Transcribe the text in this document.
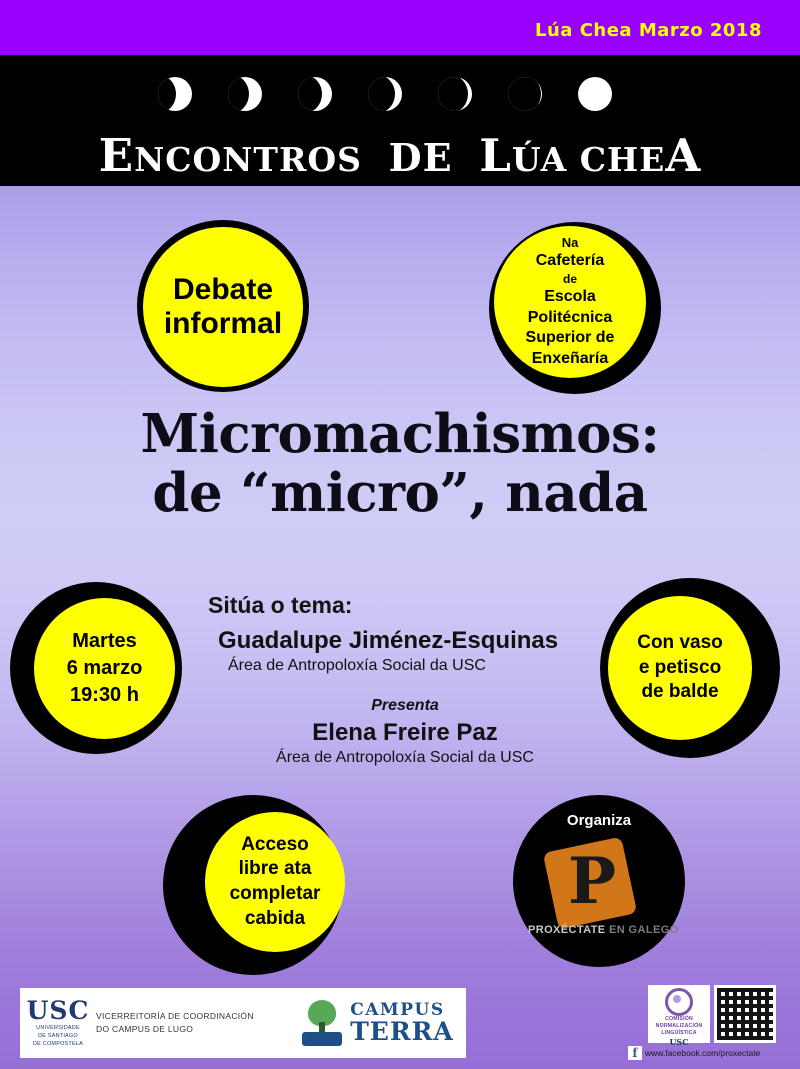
Lúa Chea Marzo 2018
ENCONTROS DE LÚA CHEA
Debate
informal
Na
Cafetería
de
Escola
Politécnica
Superior de
Enxeñaría
Micromachismos:
de “micro”, nada
Martes
6 marzo
19:30 h
Con vaso
e petisco
de balde
Sitúa o tema:
Guadalupe Jiménez-Esquinas
Área de Antropoloxía Social da USC
Presenta
Elena Freire Paz
Área de Antropoloxía Social da USC
Acceso
libre ata
completar
cabida
Organiza
P
PROXÉCTATE EN GALEGO
USC
UNIVERSIDADE
DE SANTIAGO
DE COMPOSTELA
VICERREITORÍA DE COORDINACIÓN
DO CAMPUS DE LUGO
CAMPUS
TERRA	COMISIÓN
NORMALIZACIÓN
LINGÜÍSTICA
USC
f www.facebook.com/proxectate
